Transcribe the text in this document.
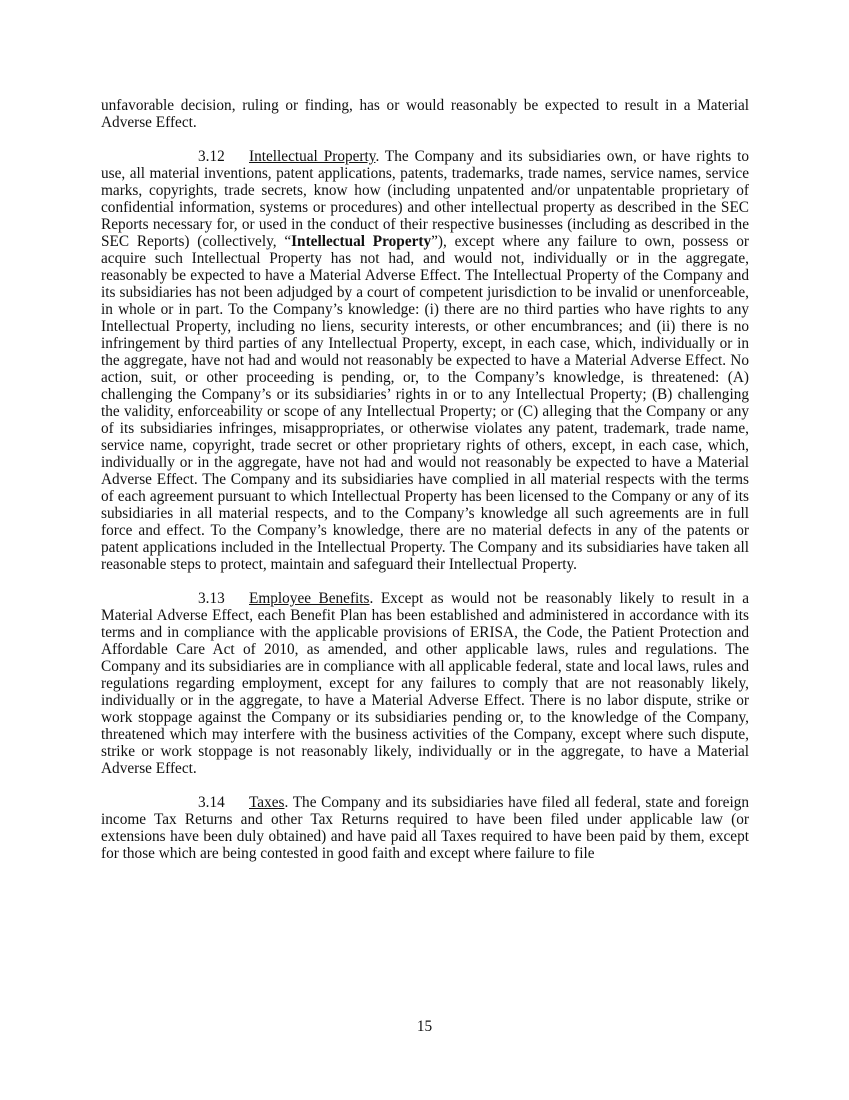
unfavorable decision, ruling or finding, has or would reasonably be expected to result in a Material Adverse Effect.

3.12 Intellectual Property. The Company and its subsidiaries own, or have rights to use, all material inventions, patent applications, patents, trademarks, trade names, service names, service marks, copyrights, trade secrets, know how (including unpatented and/or unpatentable proprietary of confidential information, systems or procedures) and other intellectual property as described in the SEC Reports necessary for, or used in the conduct of their respective businesses (including as described in the SEC Reports) (collectively, “Intellectual Property”), except where any failure to own, possess or acquire such Intellectual Property has not had, and would not, individually or in the aggregate, reasonably be expected to have a Material Adverse Effect. The Intellectual Property of the Company and its subsidiaries has not been adjudged by a court of competent jurisdiction to be invalid or unenforceable, in whole or in part. To the Company’s knowledge: (i) there are no third parties who have rights to any Intellectual Property, including no liens, security interests, or other encumbrances; and (ii) there is no infringement by third parties of any Intellectual Property, except, in each case, which, individually or in the aggregate, have not had and would not reasonably be expected to have a Material Adverse Effect. No action, suit, or other proceeding is pending, or, to the Company’s knowledge, is threatened: (A) challenging the Company’s or its subsidiaries’ rights in or to any Intellectual Property; (B) challenging the validity, enforceability or scope of any Intellectual Property; or (C) alleging that the Company or any of its subsidiaries infringes, misappropriates, or otherwise violates any patent, trademark, trade name, service name, copyright, trade secret or other proprietary rights of others, except, in each case, which, individually or in the aggregate, have not had and would not reasonably be expected to have a Material Adverse Effect. The Company and its subsidiaries have complied in all material respects with the terms of each agreement pursuant to which Intellectual Property has been licensed to the Company or any of its subsidiaries in all material respects, and to the Company’s knowledge all such agreements are in full force and effect. To the Company’s knowledge, there are no material defects in any of the patents or patent applications included in the Intellectual Property. The Company and its subsidiaries have taken all reasonable steps to protect, maintain and safeguard their Intellectual Property.

3.13 Employee Benefits. Except as would not be reasonably likely to result in a Material Adverse Effect, each Benefit Plan has been established and administered in accordance with its terms and in compliance with the applicable provisions of ERISA, the Code, the Patient Protection and Affordable Care Act of 2010, as amended, and other applicable laws, rules and regulations. The Company and its subsidiaries are in compliance with all applicable federal, state and local laws, rules and regulations regarding employment, except for any failures to comply that are not reasonably likely, individually or in the aggregate, to have a Material Adverse Effect. There is no labor dispute, strike or work stoppage against the Company or its subsidiaries pending or, to the knowledge of the Company, threatened which may interfere with the business activities of the Company, except where such dispute, strike or work stoppage is not reasonably likely, individually or in the aggregate, to have a Material Adverse Effect.

3.14 Taxes. The Company and its subsidiaries have filed all federal, state and foreign income Tax Returns and other Tax Returns required to have been filed under applicable law (or extensions have been duly obtained) and have paid all Taxes required to have been paid by them, except for those which are being contested in good faith and except where failure to file

15
